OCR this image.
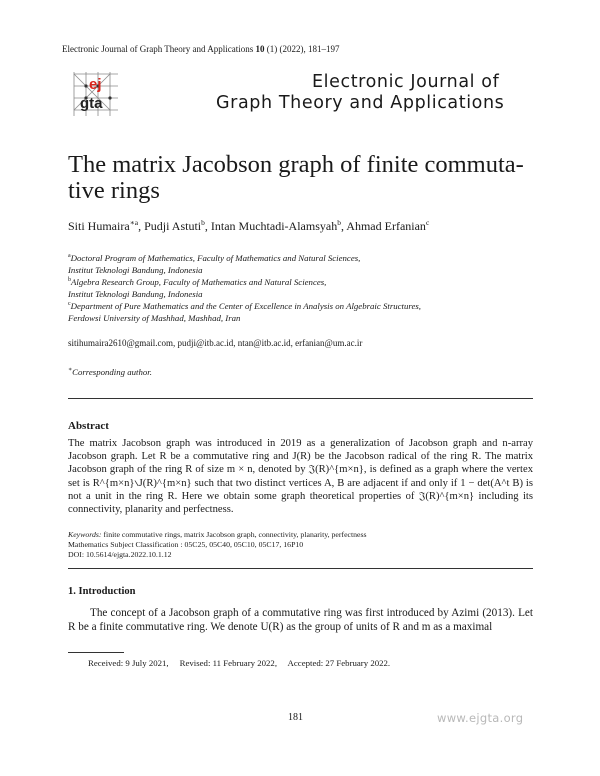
Electronic Journal of Graph Theory and Applications 10 (1) (2022), 181–197
ej
gta
Electronic Journal of
Graph Theory and Applications
The matrix Jacobson graph of finite commuta-tive rings
Siti Humaira$^{∗a}$, Pudji Astuti$^b$, Intan Muchtadi-Alamsyah$^b$, Ahmad Erfanian$^c$
$^a$Doctoral Program of Mathematics, Faculty of Mathematics and Natural Sciences,
Institut Teknologi Bandung, Indonesia
$^b$Algebra Research Group, Faculty of Mathematics and Natural Sciences,
Institut Teknologi Bandung, Indonesia
$^c$Department of Pure Mathematics and the Center of Excellence in Analysis on Algebraic Structures,
Ferdowsi University of Mashhad, Mashhad, Iran
sitihumaira2610@gmail.com, pudji@itb.ac.id, ntan@itb.ac.id, erfanian@um.ac.ir
∗Corresponding author.
Abstract
The matrix Jacobson graph was introduced in 2019 as a generalization of Jacobson graph and n-array Jacobson graph. Let R be a commutative ring and J(R) be the Jacobson radical of the ring R. The matrix Jacobson graph of the ring R of size m × n, denoted by 𝔍(R)^{m×n}, is defined as a graph where the vertex set is R^{m×n}∖J(R)^{m×n} such that two distinct vertices A, B are adjacent if and only if 1 − det(A^t B) is not a unit in the ring R. Here we obtain some graph theoretical properties of 𝔍(R)^{m×n} including its connectivity, planarity and perfectness.
Keywords: finite commutative rings, matrix Jacobson graph, connectivity, planarity, perfectness
Mathematics Subject Classification : 05C25, 05C40, 05C10, 05C17, 16P10
DOI: 10.5614/ejgta.2022.10.1.12
1. Introduction
The concept of a Jacobson graph of a commutative ring was first introduced by Azimi (2013). Let R be a finite commutative ring. We denote U(R) as the group of units of R and m as a maximal
Received: 9 July 2021,     Revised: 11 February 2022,     Accepted: 27 February 2022.
181	www.ejgta.org
